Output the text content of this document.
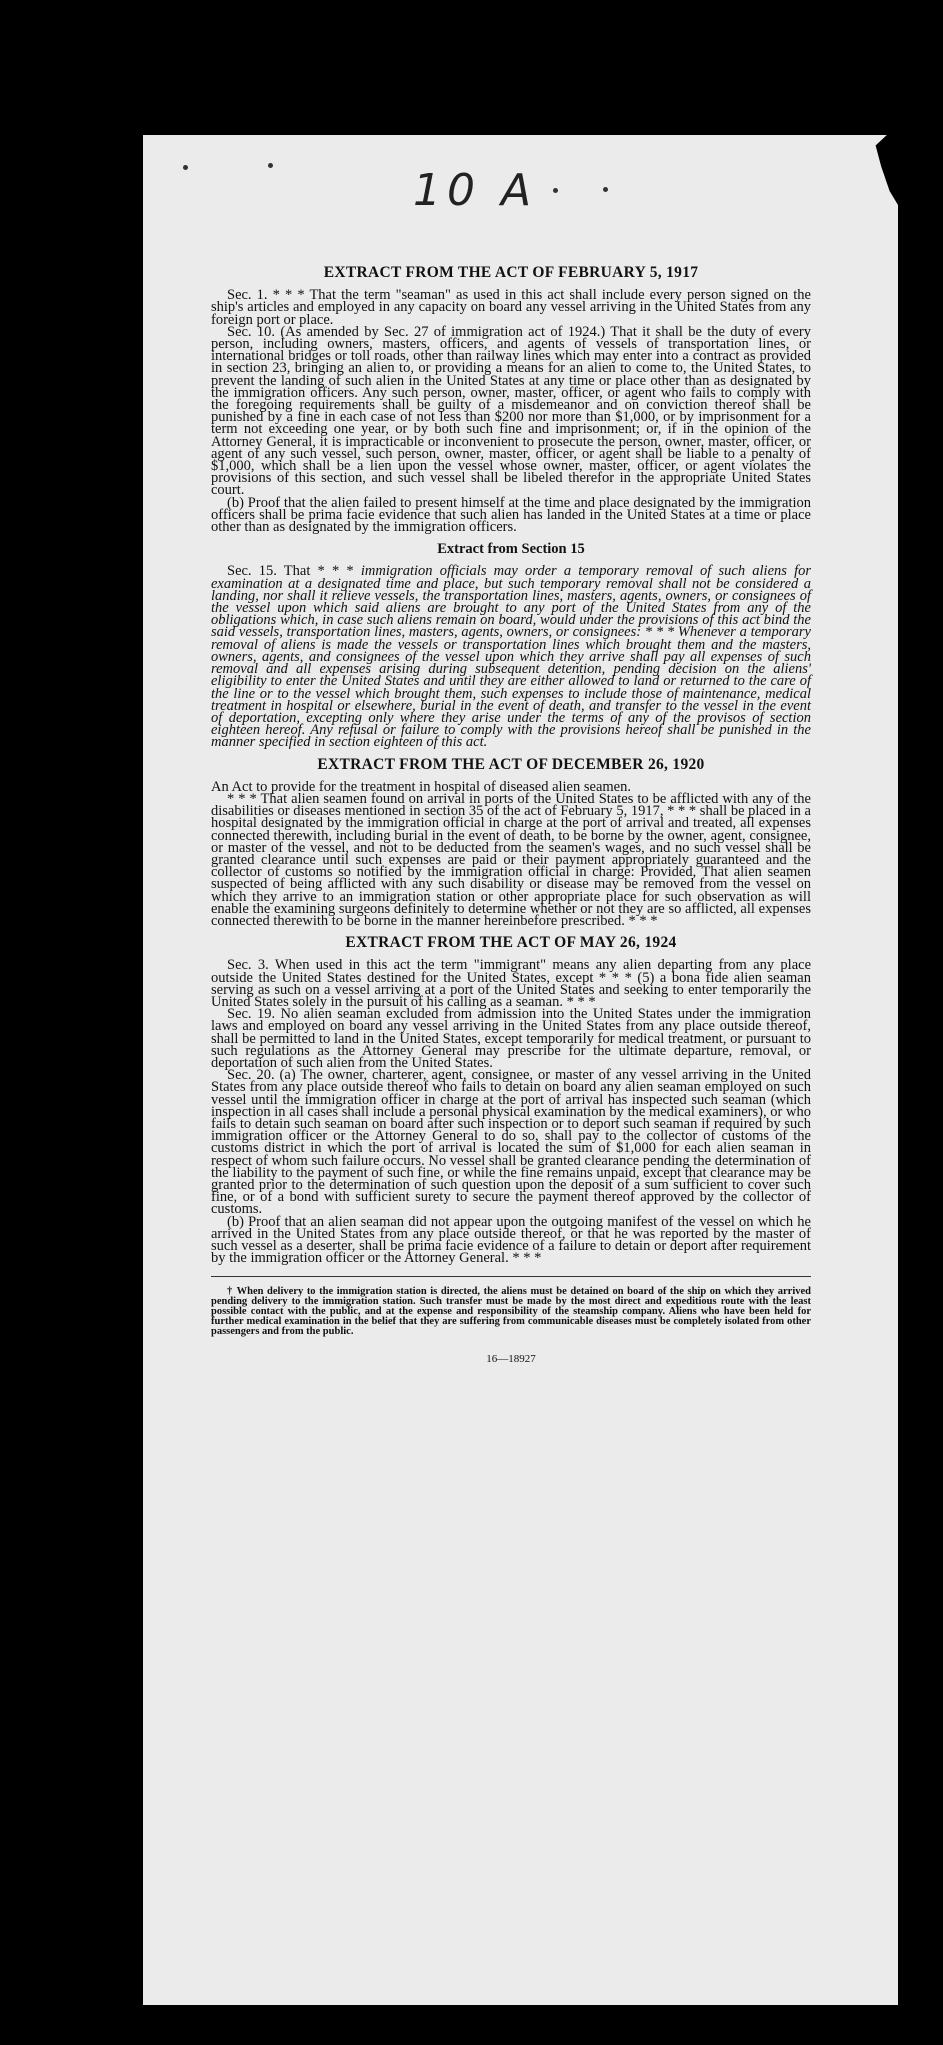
10 A
EXTRACT FROM THE ACT OF FEBRUARY 5, 1917

Sec. 1. * * * That the term "seaman" as used in this act shall include every person signed on the ship's articles and employed in any capacity on board any vessel arriving in the United States from any foreign port or place.

Sec. 10. (As amended by Sec. 27 of immigration act of 1924.) That it shall be the duty of every person, including owners, masters, officers, and agents of vessels of transportation lines, or international bridges or toll roads, other than railway lines which may enter into a contract as provided in section 23, bringing an alien to, or providing a means for an alien to come to, the United States, to prevent the landing of such alien in the United States at any time or place other than as designated by the immigration officers. Any such person, owner, master, officer, or agent who fails to comply with the foregoing requirements shall be guilty of a misdemeanor and on conviction thereof shall be punished by a fine in each case of not less than $200 nor more than $1,000, or by imprisonment for a term not exceeding one year, or by both such fine and imprisonment; or, if in the opinion of the Attorney General, it is impracticable or inconvenient to prosecute the person, owner, master, officer, or agent of any such vessel, such person, owner, master, officer, or agent shall be liable to a penalty of $1,000, which shall be a lien upon the vessel whose owner, master, officer, or agent violates the provisions of this section, and such vessel shall be libeled therefor in the appropriate United States court.

(b) Proof that the alien failed to present himself at the time and place designated by the immigration officers shall be prima facie evidence that such alien has landed in the United States at a time or place other than as designated by the immigration officers.

Extract from Section 15

Sec. 15. That * * * immigration officials may order a temporary removal of such aliens for examination at a designated time and place, but such temporary removal shall not be considered a landing, nor shall it relieve vessels, the transportation lines, masters, agents, owners, or consignees of the vessel upon which said aliens are brought to any port of the United States from any of the obligations which, in case such aliens remain on board, would under the provisions of this act bind the said vessels, transportation lines, masters, agents, owners, or consignees: * * * Whenever a temporary removal of aliens is made the vessels or transportation lines which brought them and the masters, owners, agents, and consignees of the vessel upon which they arrive shall pay all expenses of such removal and all expenses arising during subsequent detention, pending decision on the aliens' eligibility to enter the United States and until they are either allowed to land or returned to the care of the line or to the vessel which brought them, such expenses to include those of maintenance, medical treatment in hospital or elsewhere, burial in the event of death, and transfer to the vessel in the event of deportation, excepting only where they arise under the terms of any of the provisos of section eighteen hereof. Any refusal or failure to comply with the provisions hereof shall be punished in the manner specified in section eighteen of this act.

EXTRACT FROM THE ACT OF DECEMBER 26, 1920

An Act to provide for the treatment in hospital of diseased alien seamen.

* * * That alien seamen found on arrival in ports of the United States to be afflicted with any of the disabilities or diseases mentioned in section 35 of the act of February 5, 1917, * * * shall be placed in a hospital designated by the immigration official in charge at the port of arrival and treated, all expenses connected therewith, including burial in the event of death, to be borne by the owner, agent, consignee, or master of the vessel, and not to be deducted from the seamen's wages, and no such vessel shall be granted clearance until such expenses are paid or their payment appropriately guaranteed and the collector of customs so notified by the immigration official in charge: Provided, That alien seamen suspected of being afflicted with any such disability or disease may be removed from the vessel on which they arrive to an immigration station or other appropriate place for such observation as will enable the examining surgeons definitely to determine whether or not they are so afflicted, all expenses connected therewith to be borne in the manner hereinbefore prescribed. * * *

EXTRACT FROM THE ACT OF MAY 26, 1924

Sec. 3. When used in this act the term "immigrant" means any alien departing from any place outside the United States destined for the United States, except * * * (5) a bona fide alien seaman serving as such on a vessel arriving at a port of the United States and seeking to enter temporarily the United States solely in the pursuit of his calling as a seaman. * * *

Sec. 19. No alien seaman excluded from admission into the United States under the immigration laws and employed on board any vessel arriving in the United States from any place outside thereof, shall be permitted to land in the United States, except temporarily for medical treatment, or pursuant to such regulations as the Attorney General may prescribe for the ultimate departure, removal, or deportation of such alien from the United States.

Sec. 20. (a) The owner, charterer, agent, consignee, or master of any vessel arriving in the United States from any place outside thereof who fails to detain on board any alien seaman employed on such vessel until the immigration officer in charge at the port of arrival has inspected such seaman (which inspection in all cases shall include a personal physical examination by the medical examiners), or who fails to detain such seaman on board after such inspection or to deport such seaman if required by such immigration officer or the Attorney General to do so, shall pay to the collector of customs of the customs district in which the port of arrival is located the sum of $1,000 for each alien seaman in respect of whom such failure occurs. No vessel shall be granted clearance pending the determination of the liability to the payment of such fine, or while the fine remains unpaid, except that clearance may be granted prior to the determination of such question upon the deposit of a sum sufficient to cover such fine, or of a bond with sufficient surety to secure the payment thereof approved by the collector of customs.

(b) Proof that an alien seaman did not appear upon the outgoing manifest of the vessel on which he arrived in the United States from any place outside thereof, or that he was reported by the master of such vessel as a deserter, shall be prima facie evidence of a failure to detain or deport after requirement by the immigration officer or the Attorney General. * * *

† When delivery to the immigration station is directed, the aliens must be detained on board of the ship on which they arrived pending delivery to the immigration station. Such transfer must be made by the most direct and expeditious route with the least possible contact with the public, and at the expense and responsibility of the steamship company. Aliens who have been held for further medical examination in the belief that they are suffering from communicable diseases must be completely isolated from other passengers and from the public.

16—18927
